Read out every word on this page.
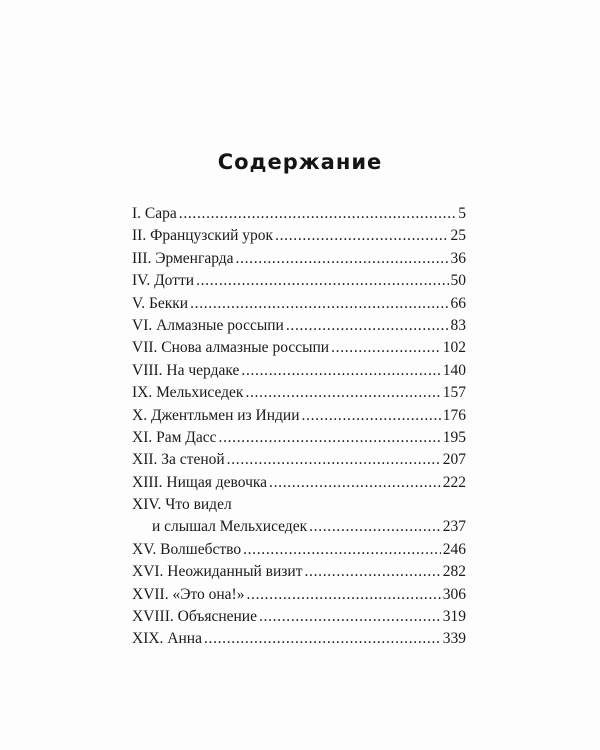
Содержание
I. Сара . . .	5
II. Французский урок . . .	25
III. Эрменгарда . . .	36
IV. Дотти . . .	50
V. Бекки . . .	66
VI. Алмазные россыпи . . .	83
VII. Снова алмазные россыпи . . .	102
VIII. На чердаке . . .	140
IX. Мельхиседек . . .	157
X. Джентльмен из Индии . . .	176
XI. Рам Дасс . . .	195
XII. За стеной . . .	207
XIII. Нищая девочка . . .	222
XIV. Что видел
и слышал Мельхиседек . . .	237
XV. Волшебство . . .	246
XVI. Неожиданный визит . . .	282
XVII. «Это она!» . . .	306
XVIII. Объяснение . . .	319
XIX. Анна . . .	339
